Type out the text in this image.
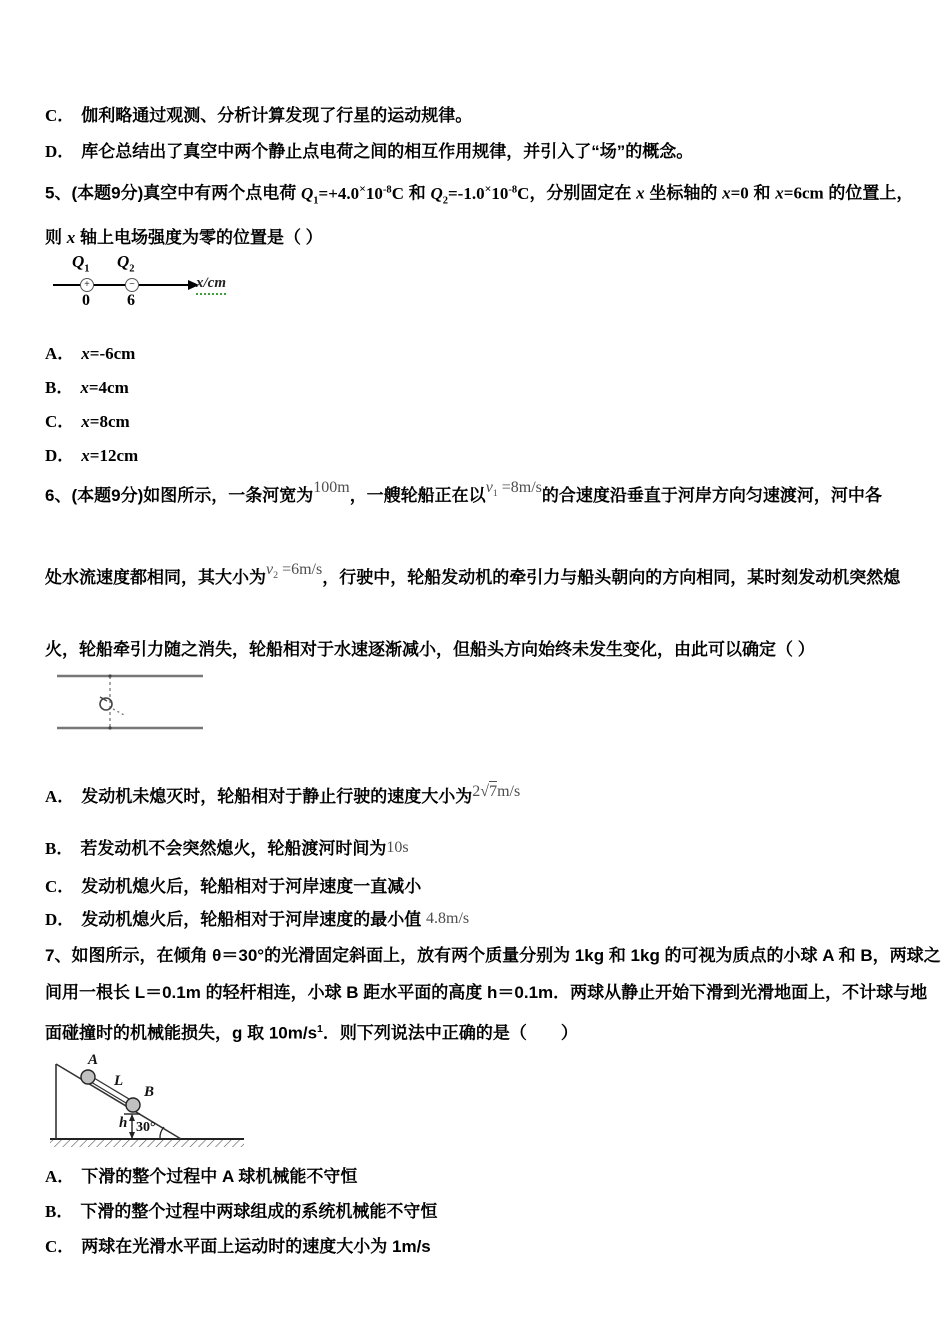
C． 伽利略通过观测、分析计算发现了行星的运动规律。
D． 库仑总结出了真空中两个静止点电荷之间的相互作用规律，并引入了“场”的概念。
5、(本题9分)真空中有两个点电荷 $Q_1=+4.0^\times 10^{-8}C$ 和 $Q_2=-1.0^\times 10^{-8}C$，分别固定在 x 坐标轴的 x=0 和 x=6cm 的位置上，
则 x 轴上电场强度为零的位置是（ ）
$Q_1$ $Q_2$
+	−
0 6
x/cm
A． x=-6cm
B． x=4cm
C． x=8cm
D． x=12cm
6、(本题9分)如图所示，一条河宽为100m，一艘轮船正在以$v_1 =8m/s$的合速度沿垂直于河岸方向匀速渡河，河中各
处水流速度都相同，其大小为$v_2 =6m/s$，行驶中，轮船发动机的牵引力与船头朝向的方向相同，某时刻发动机突然熄
火，轮船牵引力随之消失，轮船相对于水速逐渐减小，但船头方向始终未发生变化，由此可以确定（ ）
A． 发动机未熄灭时，轮船相对于静止行驶的速度大小为2√7m/s
B． 若发动机不会突然熄火，轮船渡河时间为10s
C． 发动机熄火后，轮船相对于河岸速度一直减小
D． 发动机熄火后，轮船相对于河岸速度的最小值 4.8m/s
7、如图所示，在倾角 θ＝30°的光滑固定斜面上，放有两个质量分别为 1kg 和 1kg 的可视为质点的小球 A 和 B，两球之
间用一根长 L＝0.1m 的轻杆相连，小球 B 距水平面的高度 h＝0.1m．两球从静止开始下滑到光滑地面上，不计球与地
面碰撞时的机械能损失，g 取 $10m/s^1$．则下列说法中正确的是（　　）
A
B
L
h 30°
A． 下滑的整个过程中 A 球机械能不守恒
B． 下滑的整个过程中两球组成的系统机械能不守恒
C． 两球在光滑水平面上运动时的速度大小为 1m/s
